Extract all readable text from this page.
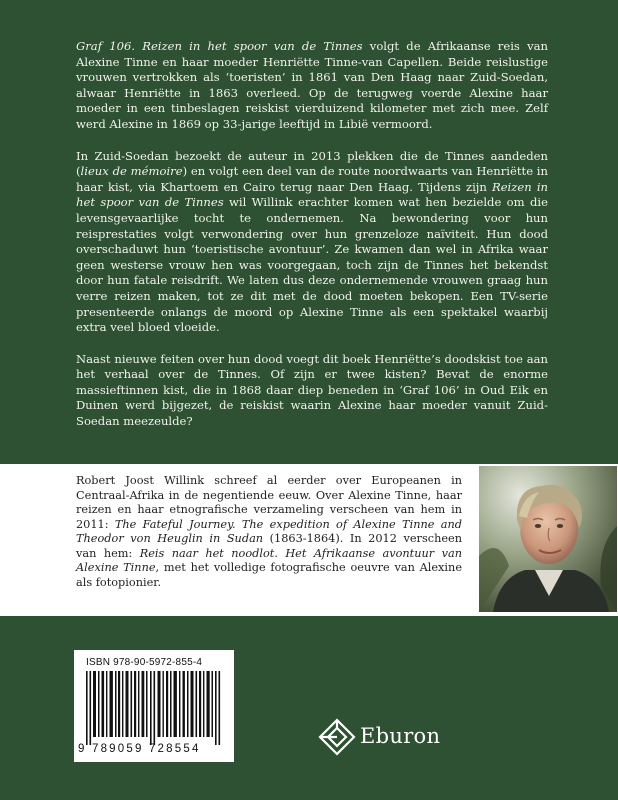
Graf 106. Reizen in het spoor van de Tinnes volgt de Afrikaanse reis van Alexine Tinne en haar moeder Henriëtte Tinne-van Capellen. Beide reislustige vrouwen vertrokken als ‘toeristen’ in 1861 van Den Haag naar Zuid-Soedan, alwaar Henriëtte in 1863 overleed. Op de terugweg voerde Alexine haar moeder in een tinbeslagen reiskist vierduizend kilometer met zich mee. Zelf werd Alexine in 1869 op 33-jarige leeftijd in Libië vermoord.

In Zuid-Soedan bezoekt de auteur in 2013 plekken die de Tinnes aandeden (lieux de mémoire) en volgt een deel van de route noordwaarts van Henriëtte in haar kist, via Khartoem en Cairo terug naar Den Haag. Tijdens zijn Reizen in het spoor van de Tinnes wil Willink erachter komen wat hen bezielde om die levensgevaarlijke tocht te ondernemen. Na bewondering voor hun reisprestaties volgt verwondering over hun grenzeloze naïviteit. Hun dood overschaduwt hun ‘toeristische avontuur’. Ze kwamen dan wel in Afrika waar geen westerse vrouw hen was voorgegaan, toch zijn de Tinnes het bekendst door hun fatale reisdrift. We laten dus deze ondernemende vrouwen graag hun verre reizen maken, tot ze dit met de dood moeten bekopen. Een TV-serie presenteerde onlangs de moord op Alexine Tinne als een spektakel waarbij extra veel bloed vloeide.

Naast nieuwe feiten over hun dood voegt dit boek Henriëtte’s doodskist toe aan het verhaal over de Tinnes. Of zijn er twee kisten? Bevat de enorme massieftinnen kist, die in 1868 daar diep beneden in ‘Graf 106’ in Oud Eik en Duinen werd bijgezet, de reiskist waarin Alexine haar moeder vanuit Zuid-Soedan meezeulde?

Robert Joost Willink schreef al eerder over Europeanen in Centraal-Afrika in de negentiende eeuw. Over Alexine Tinne, haar reizen en haar etnografische verzameling verscheen van hem in 2011: The Fateful Journey. The expedition of Alexine Tinne and Theodor von Heuglin in Sudan (1863-1864). In 2012 verscheen van hem: Reis naar het noodlot. Het Afrikaanse avontuur van Alexine Tinne, met het volledige fotografische oeuvre van Alexine als fotopionier.
ISBN 978-90-5972-855-4
9 789059 728554
Eburon
